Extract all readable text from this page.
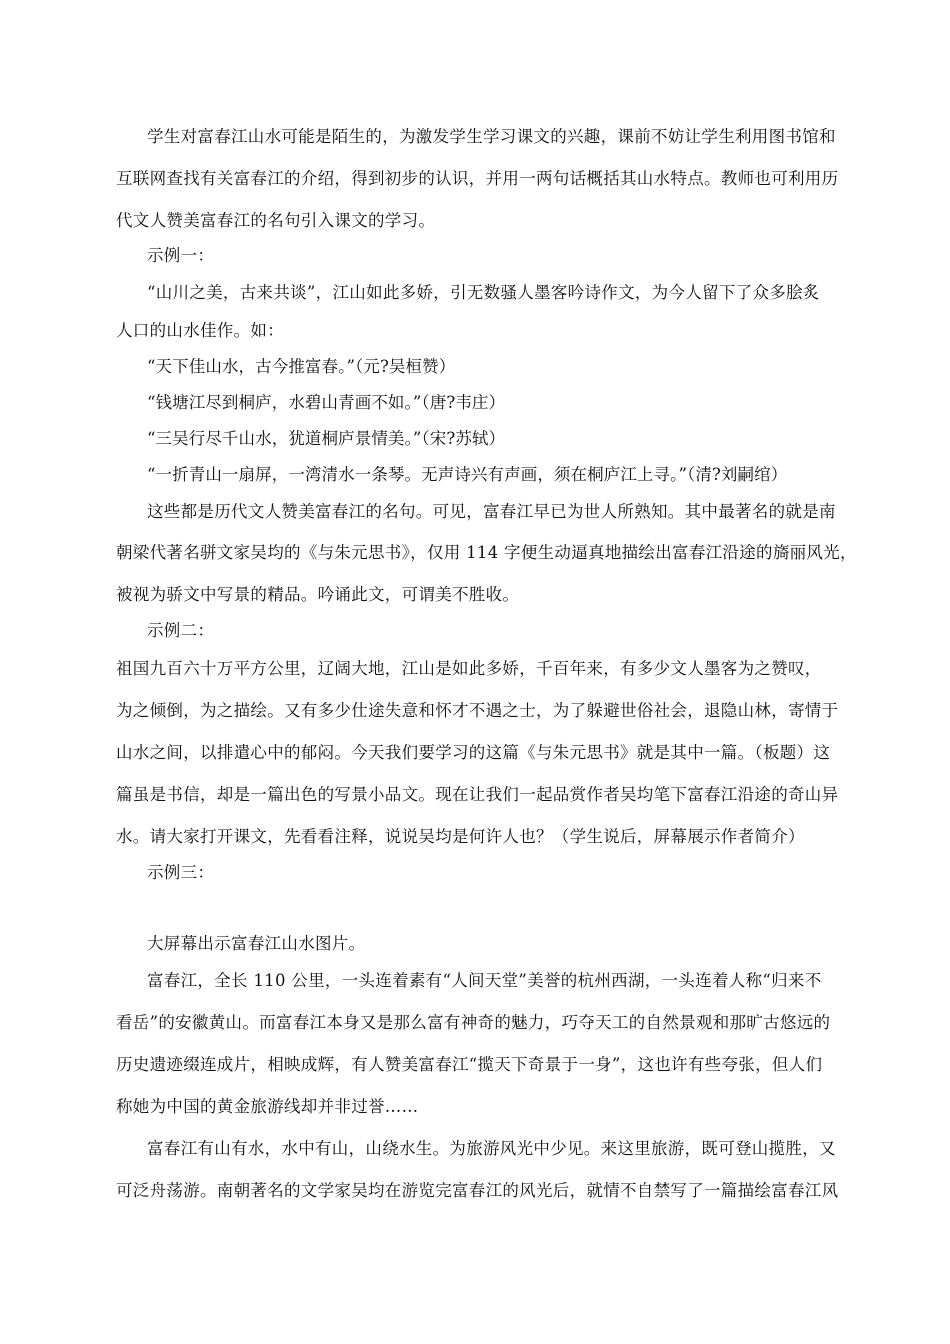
学生对富春江山水可能是陌生的，为激发学生学习课文的兴趣，课前不妨让学生利用图书馆和
互联网查找有关富春江的介绍，得到初步的认识，并用一两句话概括其山水特点。教师也可利用历
代文人赞美富春江的名句引入课文的学习。
示例一：
“山川之美，古来共谈”，江山如此多娇，引无数骚人墨客吟诗作文，为今人留下了众多脍炙
人口的山水佳作。如：
“天下佳山水，古今推富春。”（元?吴桓赞）
“钱塘江尽到桐庐，水碧山青画不如。”（唐?韦庄）
“三吴行尽千山水，犹道桐庐景情美。”（宋?苏轼）
“一折青山一扇屏，一湾清水一条琴。无声诗兴有声画，须在桐庐江上寻。”（清?刘嗣绾）
这些都是历代文人赞美富春江的名句。可见，富春江早已为世人所熟知。其中最著名的就是南
朝梁代著名骈文家吴均的《与朱元思书》，仅用 114 字便生动逼真地描绘出富春江沿途的旖丽风光，
被视为骄文中写景的精品。吟诵此文，可谓美不胜收。
示例二：
祖国九百六十万平方公里，辽阔大地，江山是如此多娇，千百年来，有多少文人墨客为之赞叹，
为之倾倒，为之描绘。又有多少仕途失意和怀才不遇之士，为了躲避世俗社会，退隐山林，寄情于
山水之间，以排遣心中的郁闷。今天我们要学习的这篇《与朱元思书》就是其中一篇。（板题）这
篇虽是书信，却是一篇出色的写景小品文。现在让我们一起品赏作者吴均笔下富春江沿途的奇山异
水。请大家打开课文，先看看注释，说说吴均是何许人也？（学生说后，屏幕展示作者简介）
示例三：
大屏幕出示富春江山水图片。
富春江，全长 110 公里，一头连着素有“人间天堂”美誉的杭州西湖，一头连着人称“归来不
看岳”的安徽黄山。而富春江本身又是那么富有神奇的魅力，巧夺天工的自然景观和那旷古悠远的
历史遗迹缀连成片，相映成辉，有人赞美富春江“揽天下奇景于一身”，这也许有些夸张，但人们
称她为中国的黄金旅游线却并非过誉……
富春江有山有水，水中有山，山绕水生。为旅游风光中少见。来这里旅游，既可登山揽胜，又
可泛舟荡游。南朝著名的文学家吴均在游览完富春江的风光后，就情不自禁写了一篇描绘富春江风
